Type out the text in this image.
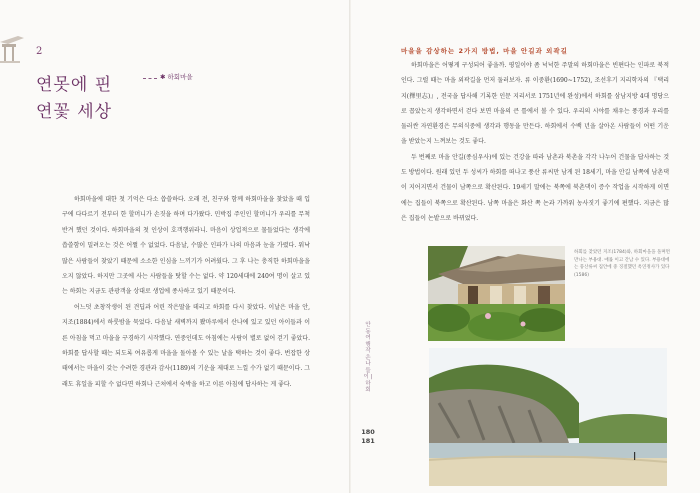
2
연못에 핀
연꽃 세상
✱ 하회마을

하회마을에 대한 첫 기억은 다소 씁쓸하다. 오래 전, 친구와 함께 하회마을을 찾았을 때 입구에 다다르기 전부터 한 할머니가 손짓을 하며 다가왔다. 민박집 주인인 할머니가 우리를 무척 반겨 했던 것이다. 하회마을의 첫 인상이 호객행위라니. 마음이 상업적으로 물들었다는 생각에 씁쓸함이 밀려오는 것은 어쩔 수 없었다. 다음날, 수많은 인파가 나의 마음과 눈을 가렸다. 워낙 많은 사람들이 찾았기 때문에 소소한 인심을 느끼기가 어려웠다. 그 후 나는 충직한 하회마을을 오지 않았다. 하지만 그곳에 사는 사람들을 탓할 수는 없다. 약 120세대에 240여 명이 살고 있는 하회는 지금도 관광객을 상대로 생업에 종사하고 있기 때문이다.

어느덧 초창작생이 된 견딥과 어린 작은딸을 데리고 하회를 다시 찾았다. 이날은 마을 안, 지조(1884)에서 하룻밤을 묵었다. 다음날 새벽까지 봤마루에서 산나에 있고 있던 아이들과 이른 아침을 먹고 마을을 구경하기 시작했다. 연중인데도 아침에는 사람이 별로 없어 걷기 좋았다. 하회를 답사할 때는 되도록 여유롭게 마을을 돌아볼 수 있는 날을 택하는 것이 좋다. 번잡한 상태에서는 마을이 갖는 수려한 경관과 감사(1189)의 기운을 제대로 느낄 수가 없기 때문이다. 그래도 휴일을 피할 수 없다면 하회나 근처에서 숙박을 하고 이른 아침에 답사하는 게 좋다.

마을을 감상하는 2가지 방법, 마을 안길과 외곽길

하회마을은 어떻게 구성되어 좋을까. 평일이야 좀 넉넉한 주말의 하회마을은 빈편다는 인파로 북적인다. 그럴 때는 마을 외곽길을 먼저 둘러보자. 류 이중환(1690~1752), 조선후기 지리학자의 『택리지(擇里志)』, 전국을 답사해 기록한 인문 지리서로 1751년에 완성)에서 하회를 삼남지방 4대 명당으로 꼽았는지 생각하면서 걷다 보면 마을의 큰 틀에서 볼 수 있다. 우리의 시야를 채우는 풍경과 우리를 둘러싼 자연환경은 무의식중에 생각과 행동을 만든다. 하회에서 수백 년을 살아온 사람들이 어떤 기운을 받았는지 느껴보는 것도 좋다.

두 번째로 마을 안길(종심우사)에 있는 건강을 따라 남촌과 북촌을 각각 나누어 건물을 답사하는 것도 방법이다. 원래 있던 두 성씨가 하회를 떠나고 풍산 류씨만 남게 된 18세기, 마을 안길 남쪽에 남촌댁이 지어지면서 건물이 남쪽으로 확산된다. 19세기 말에는 북쪽에 북촌댁이 증수 작업을 시작하게 이면에는 집들이 북쪽으로 확산된다. 남쪽 마을은 화산 쪽 논과 가까워 농사짓기 좋기에 편했다. 지금은 많은 집들이 논밭으로 바뀌었다.

하회를 찾았던 지조(1784)와, 하회마을을 돌며면 만나는 부용대. 애률 이고 간남 수 있다. 부용대에는 풍산류씨 집안에 중 징절했던 옥연정사가 있다(1586)
안동여행 작은 나들이 | 하회
180
181
